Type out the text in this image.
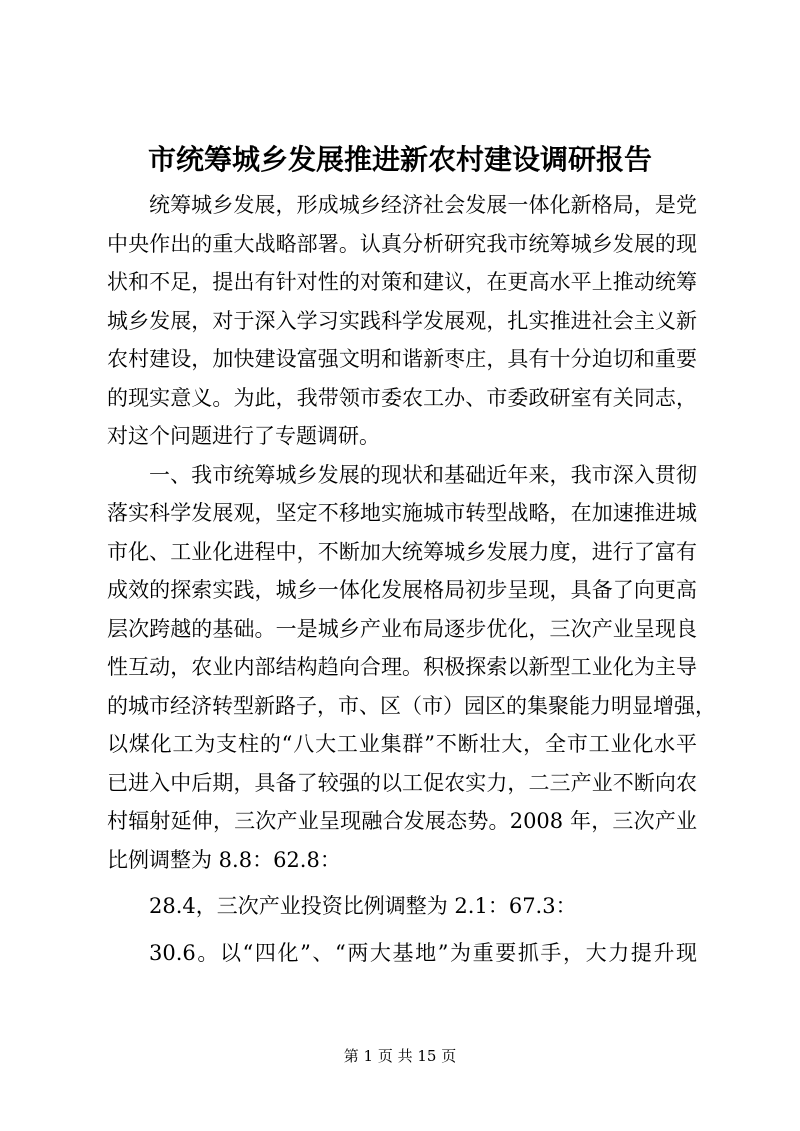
市统筹城乡发展推进新农村建设调研报告
统筹城乡发展，形成城乡经济社会发展一体化新格局，是党
中央作出的重大战略部署。认真分析研究我市统筹城乡发展的现
状和不足，提出有针对性的对策和建议，在更高水平上推动统筹
城乡发展，对于深入学习实践科学发展观，扎实推进社会主义新
农村建设，加快建设富强文明和谐新枣庄，具有十分迫切和重要
的现实意义。为此，我带领市委农工办、市委政研室有关同志，
对这个问题进行了专题调研。
一、我市统筹城乡发展的现状和基础近年来，我市深入贯彻
落实科学发展观，坚定不移地实施城市转型战略，在加速推进城
市化、工业化进程中，不断加大统筹城乡发展力度，进行了富有
成效的探索实践，城乡一体化发展格局初步呈现，具备了向更高
层次跨越的基础。一是城乡产业布局逐步优化，三次产业呈现良
性互动，农业内部结构趋向合理。积极探索以新型工业化为主导
的城市经济转型新路子，市、区（市）园区的集聚能力明显增强，
以煤化工为支柱的“八大工业集群”不断壮大，全市工业化水平
已进入中后期，具备了较强的以工促农实力，二三产业不断向农
村辐射延伸，三次产业呈现融合发展态势。2008 年，三次产业
比例调整为 8.8：62.8：
28.4，三次产业投资比例调整为 2.1：67.3：
30.6。以“四化”、“两大基地”为重要抓手，大力提升现
第 1 页 共 15 页
